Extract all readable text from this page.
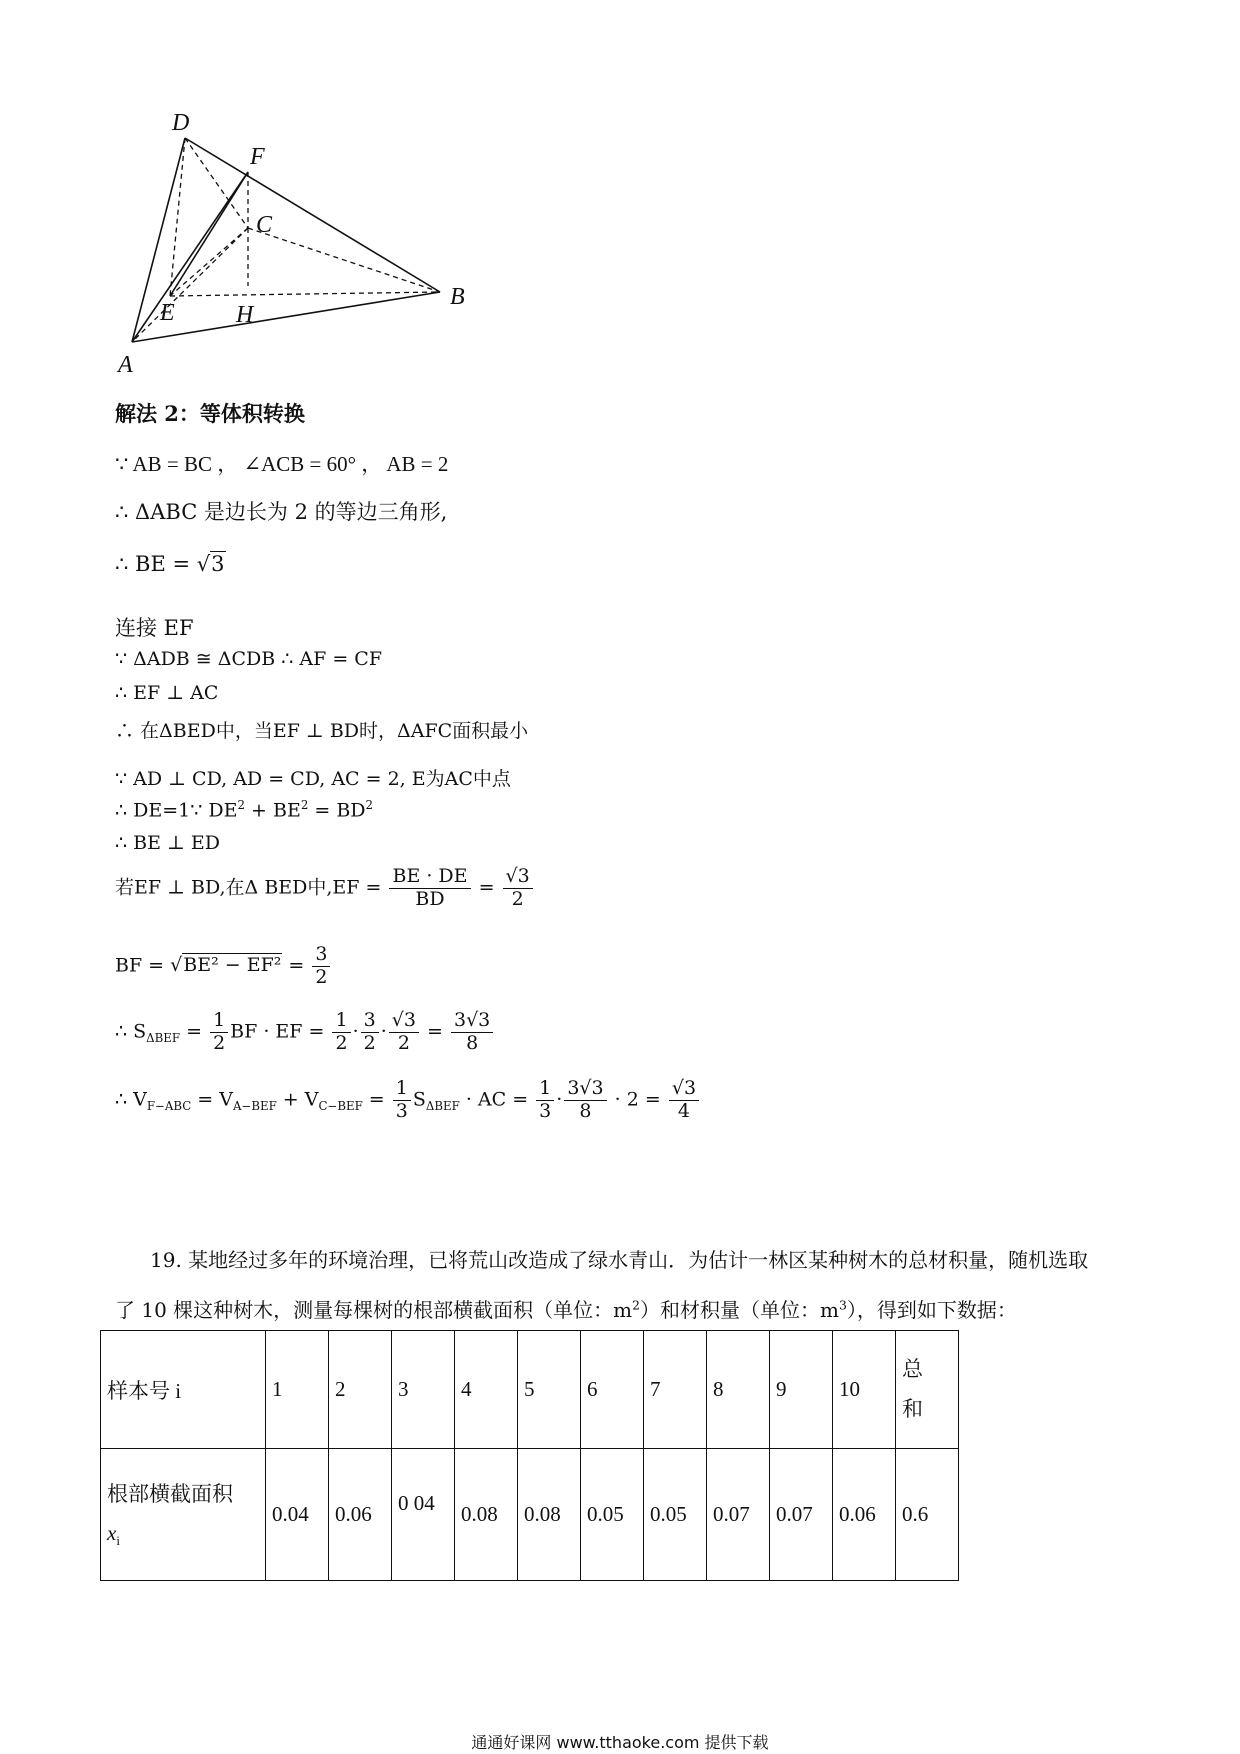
D
F
C
E	H
B
A
解法 2：等体积转换
∵ AB = BC ， ∠ACB = 60° ， AB = 2
∴ ΔABC 是边长为 2 的等边三角形,
∴ BE = √3
连接 EF
∵ ΔADB ≅ ΔCDB ∴ AF = CF
∴ EF ⊥ AC
∴ 在ΔBED中，当EF ⊥ BD时，ΔAFC面积最小
∵ AD ⊥ CD, AD = CD, AC = 2, E为AC中点
∴ DE=1∵ $DE^2 + BE^2 = BD^2$
∴ BE ⊥ ED
若EF ⊥ BD,在Δ BED中$,EF = \frac{BE \cdot DE}{BD} = \frac{√3}{2}$
BF = $√BE^2 - EF^2 = \frac{3}{2}$
∴ $S_{\Delta BEF} = \frac{1}{2}$ BF · EF = $\frac{1}{2} \cdot \frac{3}{2} \cdot \frac{√3}{2} = \frac{3√3}{8}$
∴ $V_{F-ABC} = V_{A-BEF} + V_{C-BEF} = \frac{1}{3} S_{\Delta BEF}$ · AC = $\frac{1}{3} \cdot \frac{3√3}{8} \cdot 2 = \frac{√3}{4}$
19. 某地经过多年的环境治理，已将荒山改造成了绿水青山．为估计一林区某种树木的总材积量，随机选取
了 10 棵这种树木，测量每棵树的根部横截面积（单位：$m^2$）和材积量（单位：$m^3$），得到如下数据：
样本号 i	1	2	3	4	5	6	7	8	9	10	总
和
根部横截面积
$x_i$	0.04	0.06	0 04	0.08	0.08	0.05	0.05	0.07	0.07	0.06	0.6
通通好课网 www.tthaoke.com 提供下载
